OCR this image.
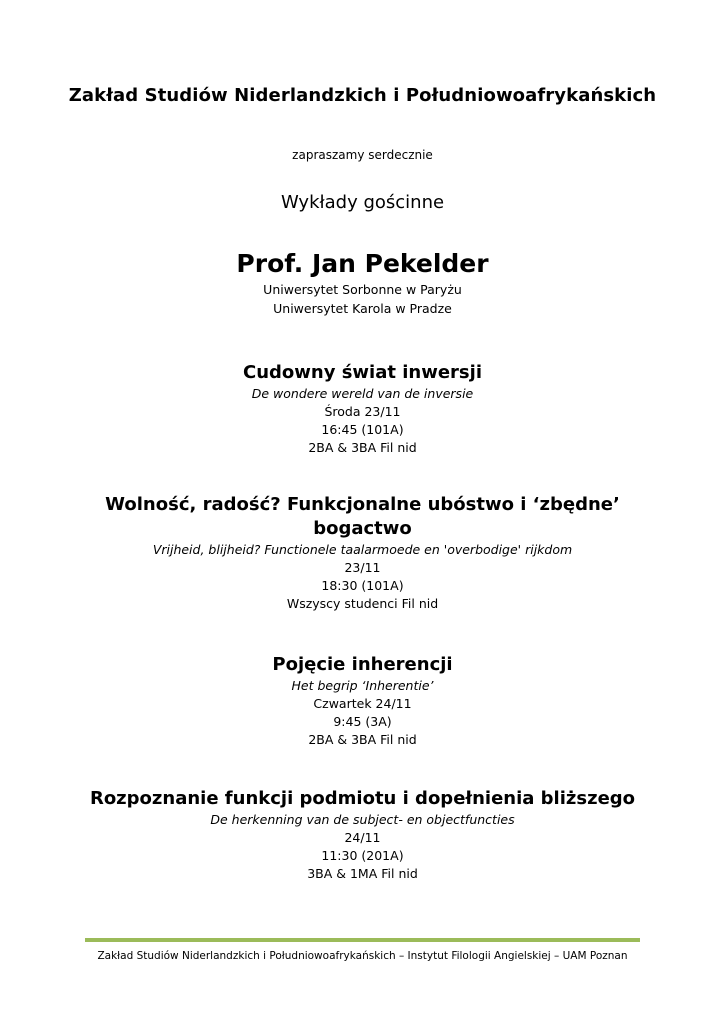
Zakład Studiów Niderlandzkich i Południowoafrykańskich

zapraszamy serdecznie

Wykłady gościnne

Prof. Jan Pekelder

Uniwersytet Sorbonne w Paryżu

Uniwersytet Karola w Pradze

Cudowny świat inwersji
De wondere wereld van de inversie
Środa 23/11
16:45 (101A)
2BA & 3BA Fil nid
Wolność, radość? Funkcjonalne ubóstwo i ‘zbędne’ bogactwo
Vrijheid, blijheid? Functionele taalarmoede en 'overbodige' rijkdom
23/11
18:30 (101A)
Wszyscy studenci Fil nid
Pojęcie inherencji
Het begrip ‘Inherentie’
Czwartek 24/11
9:45 (3A)
2BA & 3BA Fil nid
Rozpoznanie funkcji podmiotu i dopełnienia bliższego
De herkenning van de subject- en objectfuncties
24/11
11:30 (201A)
3BA & 1MA Fil nid
Zakład Studiów Niderlandzkich i Południowoafrykańskich – Instytut Filologii Angielskiej – UAM Poznan
